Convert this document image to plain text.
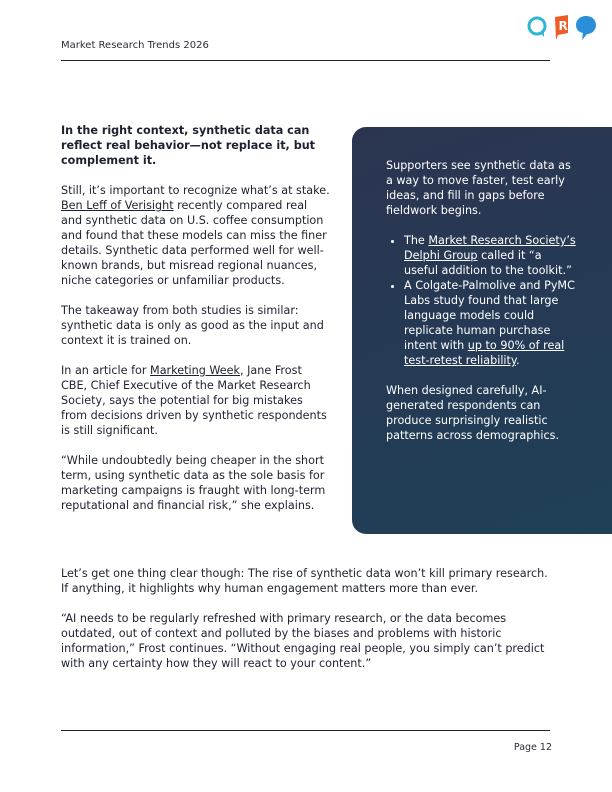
Market Research Trends 2026
R

In the right context, synthetic data can reflect real behavior—not replace it, but complement it.

Still, it’s important to recognize what’s at stake. Ben Leff of Verisight recently compared real and synthetic data on U.S. coffee consumption and found that these models can miss the finer details. Synthetic data performed well for well-known brands, but misread regional nuances, niche categories or unfamiliar products.

The takeaway from both studies is similar: synthetic data is only as good as the input and context it is trained on.

In an article for Marketing Week, Jane Frost CBE, Chief Executive of the Market Research Society, says the potential for big mistakes from decisions driven by synthetic respondents is still significant.

“While undoubtedly being cheaper in the short term, using synthetic data as the sole basis for marketing campaigns is fraught with long-term reputational and financial risk,” she explains.

Supporters see synthetic data as a way to move faster, test early ideas, and fill in gaps before fieldwork begins.

• The Market Research Society’s Delphi Group called it “a useful addition to the toolkit.”
• A Colgate-Palmolive and PyMC Labs study found that large language models could replicate human purchase intent with up to 90% of real test-retest reliability.

When designed carefully, AI-generated respondents can produce surprisingly realistic patterns across demographics.

Let’s get one thing clear though: The rise of synthetic data won’t kill primary research. If anything, it highlights why human engagement matters more than ever.

“AI needs to be regularly refreshed with primary research, or the data becomes outdated, out of context and polluted by the biases and problems with historic information,” Frost continues. “Without engaging real people, you simply can’t predict with any certainty how they will react to your content.”

Page 12
